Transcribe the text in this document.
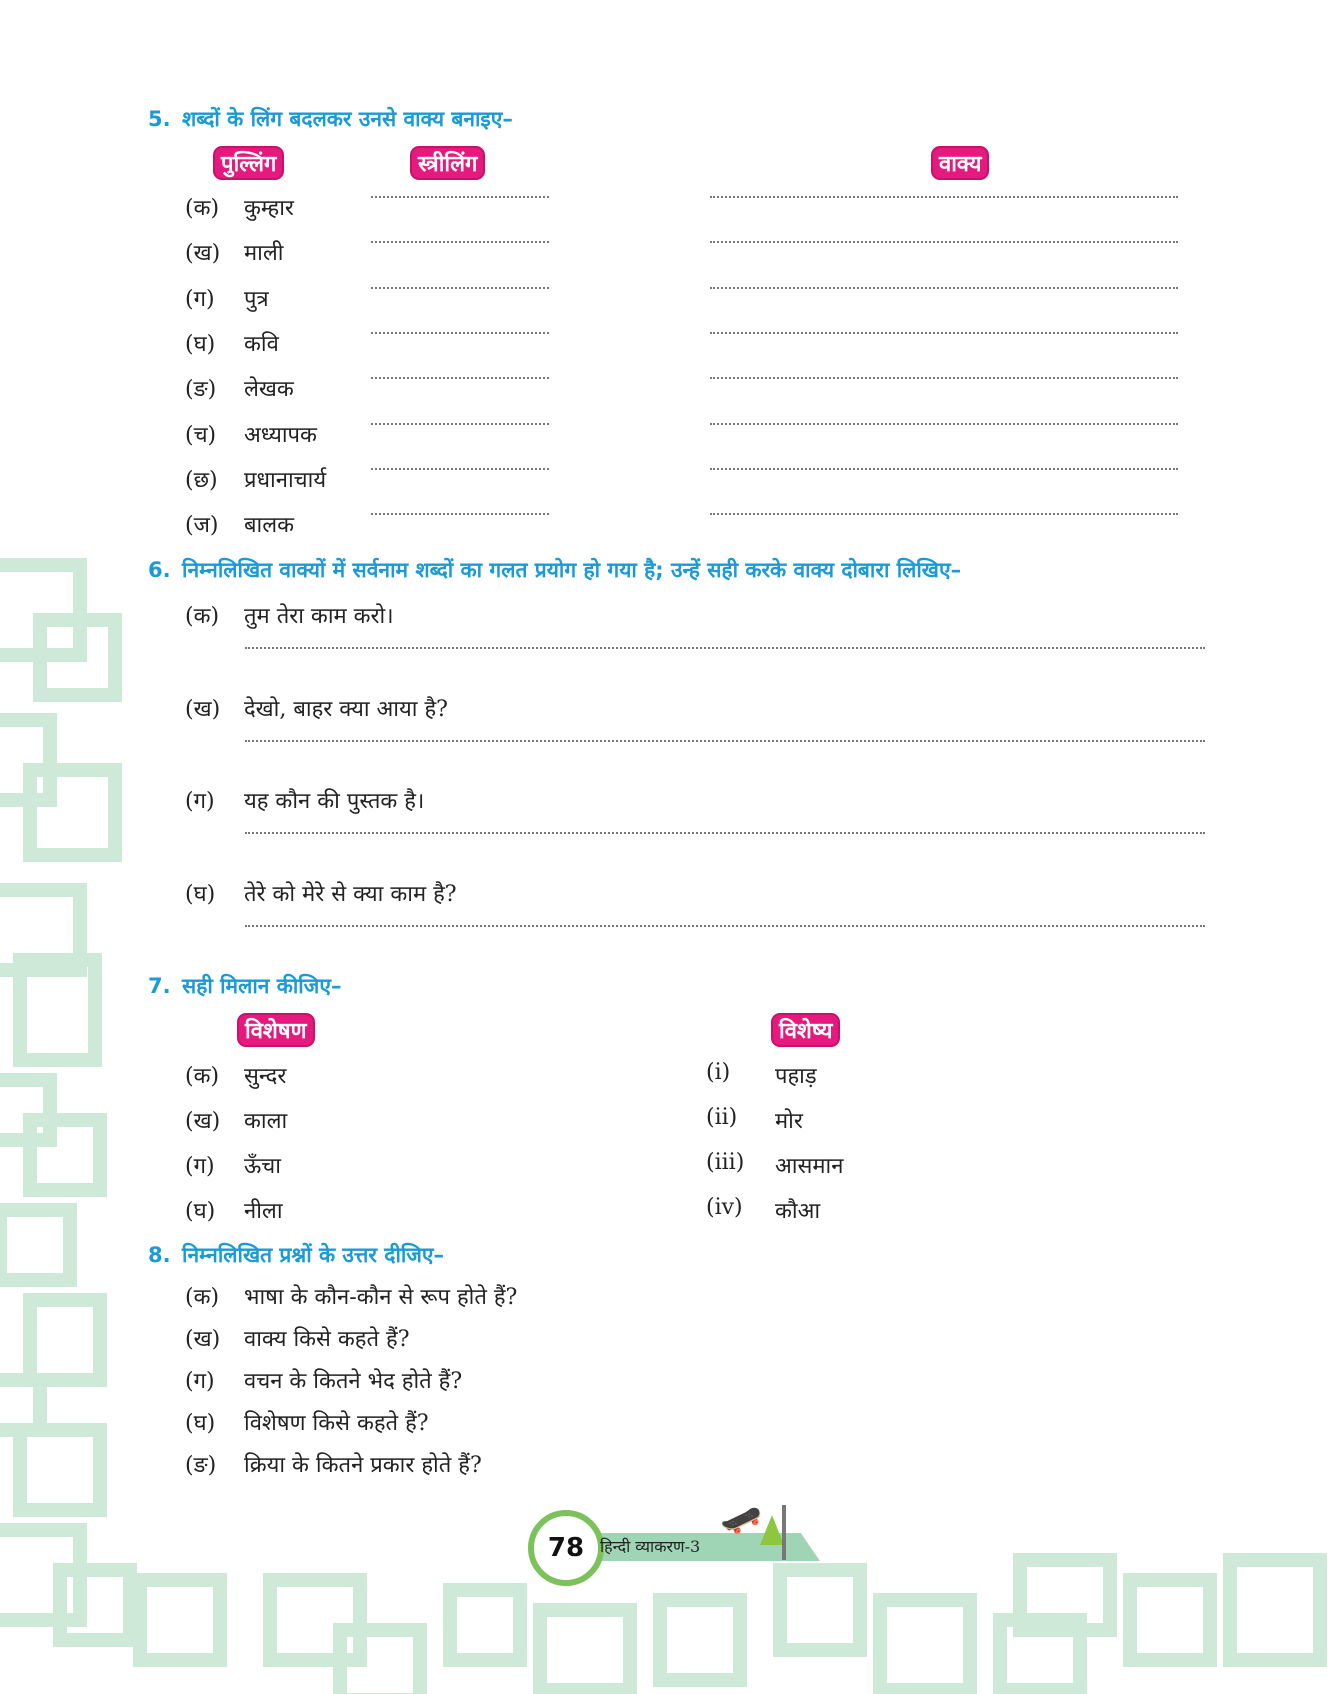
5. शब्दों के लिंग बदलकर उनसे वाक्य बनाइए–
पुल्लिंग	स्त्रीलिंग	वाक्य
(क) कुम्हार
(ख) माली
(ग) पुत्र
(घ) कवि
(ङ) लेखक
(च) अध्यापक
(छ) प्रधानाचार्य
(ज) बालक
6. निम्नलिखित वाक्यों में सर्वनाम शब्दों का गलत प्रयोग हो गया है; उन्हें सही करके वाक्य दोबारा लिखिए–
(क) तुम तेरा काम करो।
(ख) देखो, बाहर क्या आया है?
(ग) यह कौन की पुस्तक है।
(घ) तेरे को मेरे से क्या काम है?
7. सही मिलान कीजिए–
विशेषण	विशेष्य
(क) सुन्दर	(i) पहाड़
(ख) काला	(ii) मोर
(ग) ऊँचा	(iii) आसमान
(घ) नीला	(iv) कौआ
8. निम्नलिखित प्रश्नों के उत्तर दीजिए–
(क) भाषा के कौन-कौन से रूप होते हैं?
(ख) वाक्य किसे कहते हैं?
(ग) वचन के कितने भेद होते हैं?
(घ) विशेषण किसे कहते हैं?
(ङ) क्रिया के कितने प्रकार होते हैं?
78 हिन्दी व्याकरण-3
🛹
